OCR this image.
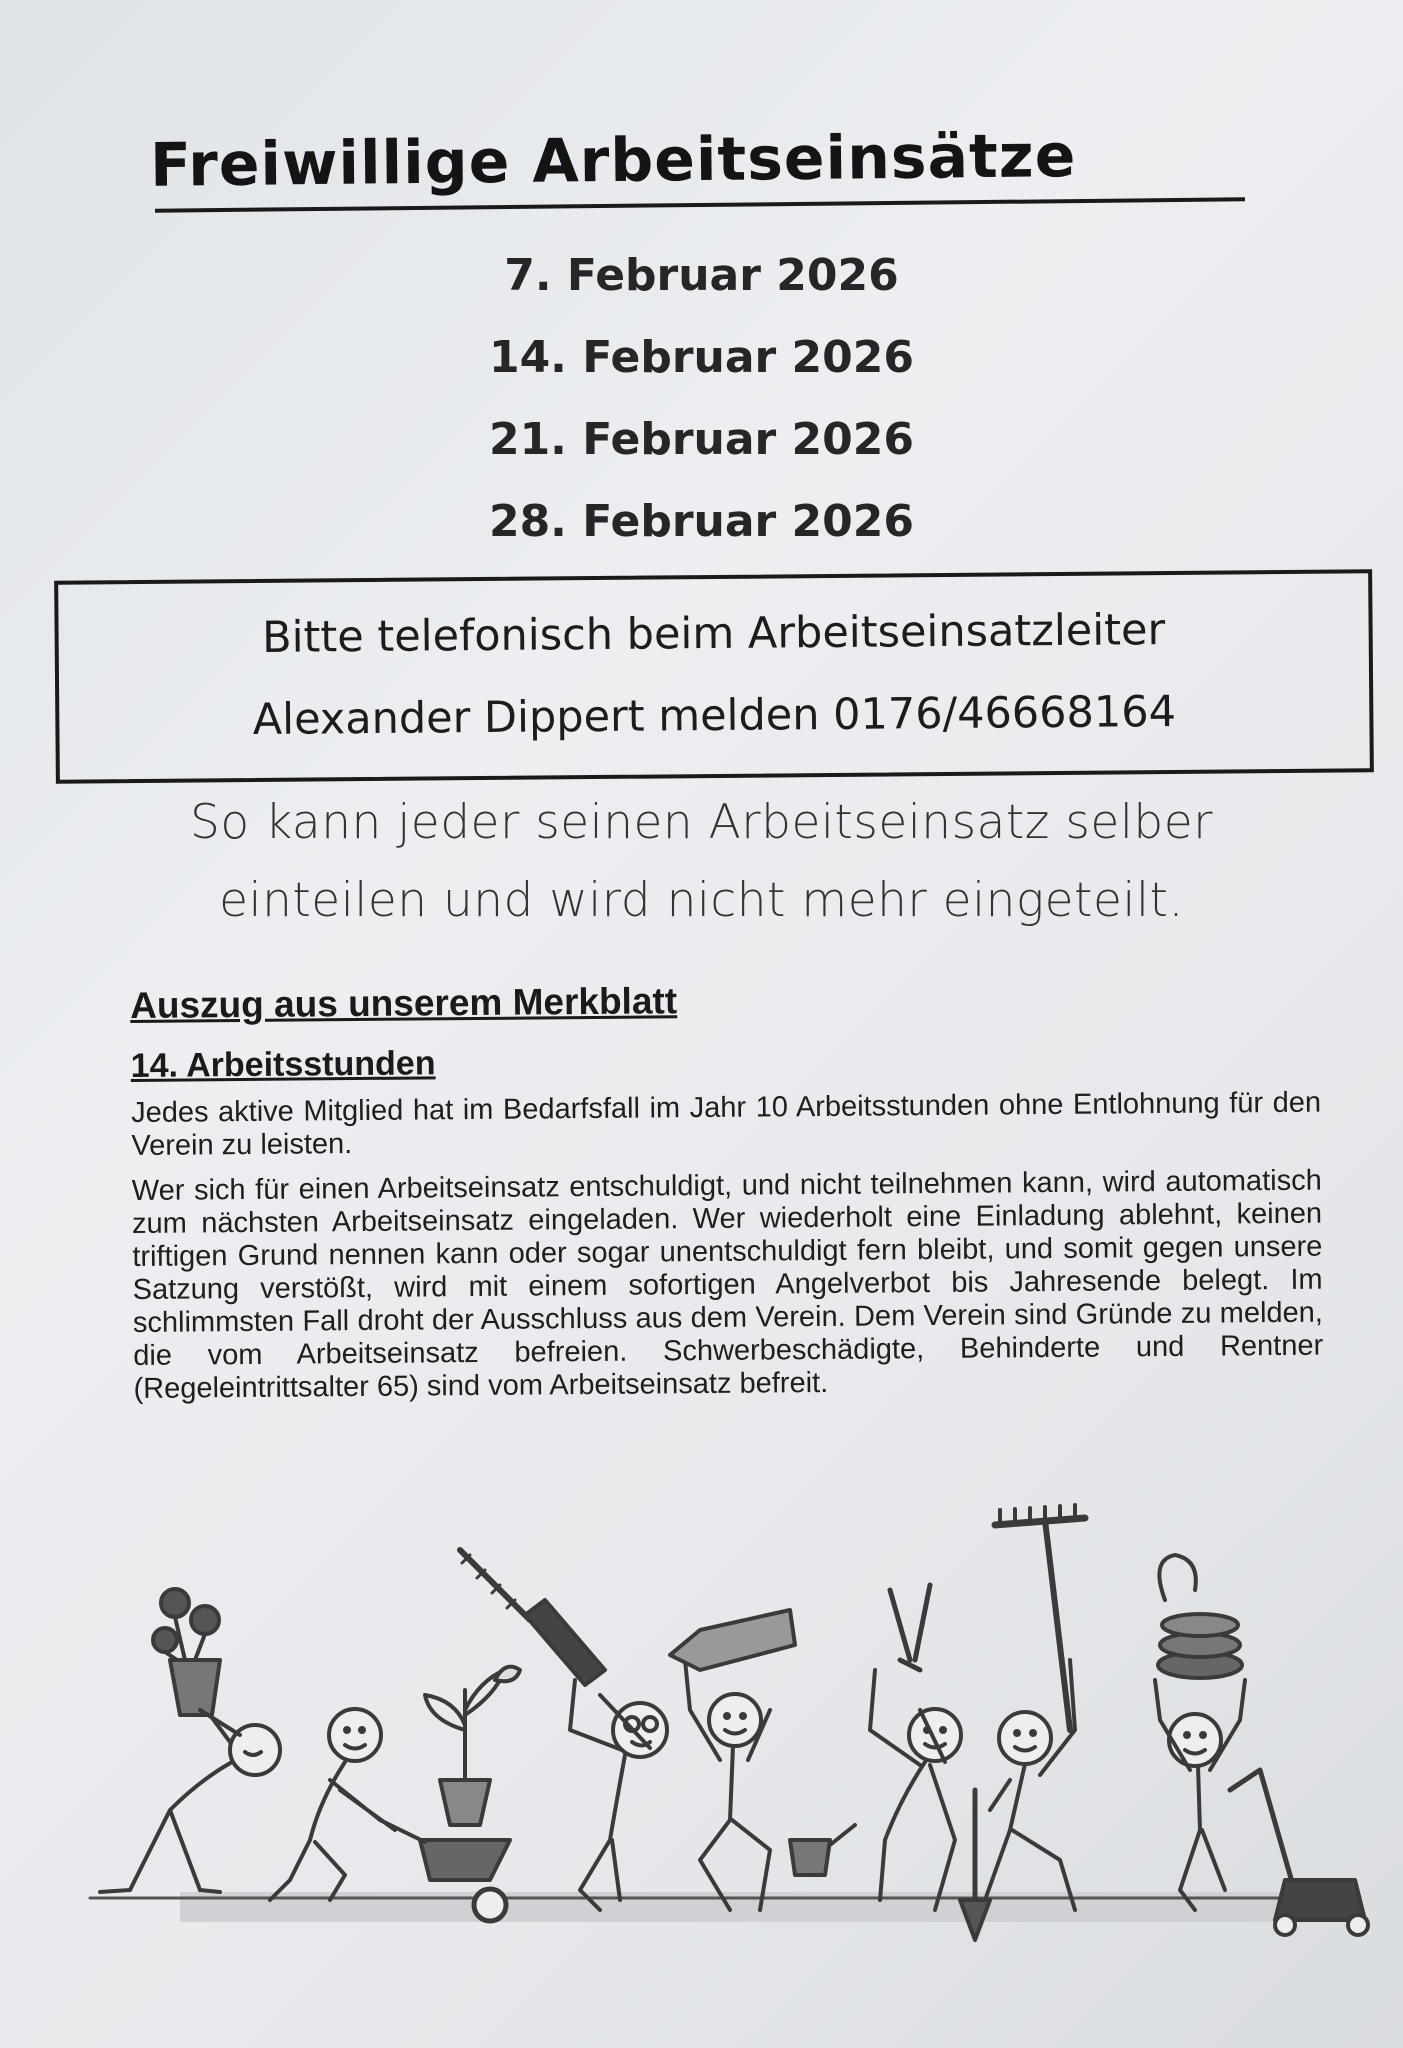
Freiwillige Arbeitseinsätze
7. Februar 2026
14. Februar 2026
21. Februar 2026
28. Februar 2026
Bitte telefonisch beim Arbeitseinsatzleiter
Alexander Dippert melden 0176/46668164
So kann jeder seinen Arbeitseinsatz selber
einteilen und wird nicht mehr eingeteilt.
Auszug aus unserem Merkblatt
14. Arbeitsstunden
Jedes aktive Mitglied hat im Bedarfsfall im Jahr 10 Arbeitsstunden ohne Entlohnung für den Verein zu leisten.
Wer sich für einen Arbeitseinsatz entschuldigt, und nicht teilnehmen kann, wird automatisch zum nächsten Arbeitseinsatz eingeladen. Wer wiederholt eine Einladung ablehnt, keinen triftigen Grund nennen kann oder sogar unentschuldigt fern bleibt, und somit gegen unsere Satzung verstößt, wird mit einem sofortigen Angelverbot bis Jahresende belegt. Im schlimmsten Fall droht der Ausschluss aus dem Verein. Dem Verein sind Gründe zu melden, die vom Arbeitseinsatz befreien. Schwerbeschädigte, Behinderte und Rentner (Regeleintrittsalter 65) sind vom Arbeitseinsatz befreit.
